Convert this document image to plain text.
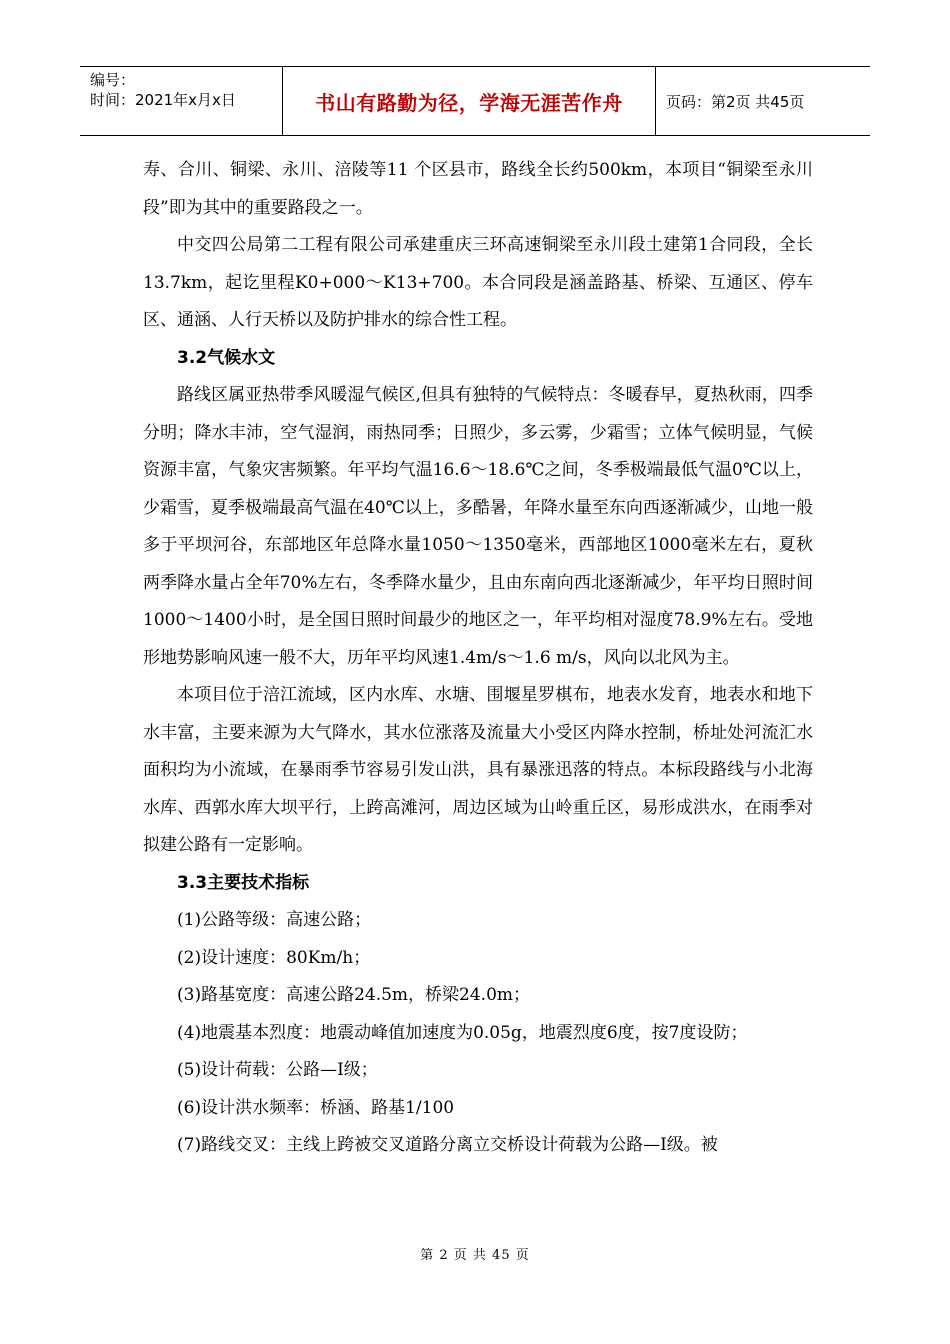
编号：
时间：2021年x月x日	书山有路勤为径，学海无涯苦作舟	页码：第2页 共45页

寿、合川、铜梁、永川、涪陵等11 个区县市，路线全长约500km，本项目“铜梁至永川段”即为其中的重要路段之一。

中交四公局第二工程有限公司承建重庆三环高速铜梁至永川段土建第1合同段，全长13.7km，起讫里程K0+000～K13+700。本合同段是涵盖路基、桥梁、互通区、停车区、通涵、人行天桥以及防护排水的综合性工程。

3.2气候水文

路线区属亚热带季风暖湿气候区,但具有独特的气候特点：冬暖春早，夏热秋雨，四季分明；降水丰沛，空气湿润，雨热同季；日照少，多云雾，少霜雪；立体气候明显，气候资源丰富，气象灾害频繁。年平均气温16.6～18.6℃之间，冬季极端最低气温0℃以上，少霜雪，夏季极端最高气温在40℃以上，多酷暑，年降水量至东向西逐渐减少，山地一般多于平坝河谷，东部地区年总降水量1050～1350毫米，西部地区1000毫米左右，夏秋两季降水量占全年70%左右，冬季降水量少，且由东南向西北逐渐减少，年平均日照时间1000～1400小时，是全国日照时间最少的地区之一，年平均相对湿度78.9%左右。受地形地势影响风速一般不大，历年平均风速1.4m/s～1.6 m/s，风向以北风为主。

本项目位于涪江流域，区内水库、水塘、围堰星罗棋布，地表水发育，地表水和地下水丰富，主要来源为大气降水，其水位涨落及流量大小受区内降水控制，桥址处河流汇水面积均为小流域，在暴雨季节容易引发山洪，具有暴涨迅落的特点。本标段路线与小北海水库、西郭水库大坝平行，上跨高滩河，周边区域为山岭重丘区，易形成洪水，在雨季对拟建公路有一定影响。

3.3主要技术指标

(1)公路等级：高速公路；

(2)设计速度：80Km/h；

(3)路基宽度：高速公路24.5m，桥梁24.0m；

(4)地震基本烈度：地震动峰值加速度为0.05g，地震烈度6度，按7度设防；

(5)设计荷载：公路—I级；

(6)设计洪水频率：桥涵、路基1/100

(7)路线交叉：主线上跨被交叉道路分离立交桥设计荷载为公路—I级。被

第 2 页 共 45 页
